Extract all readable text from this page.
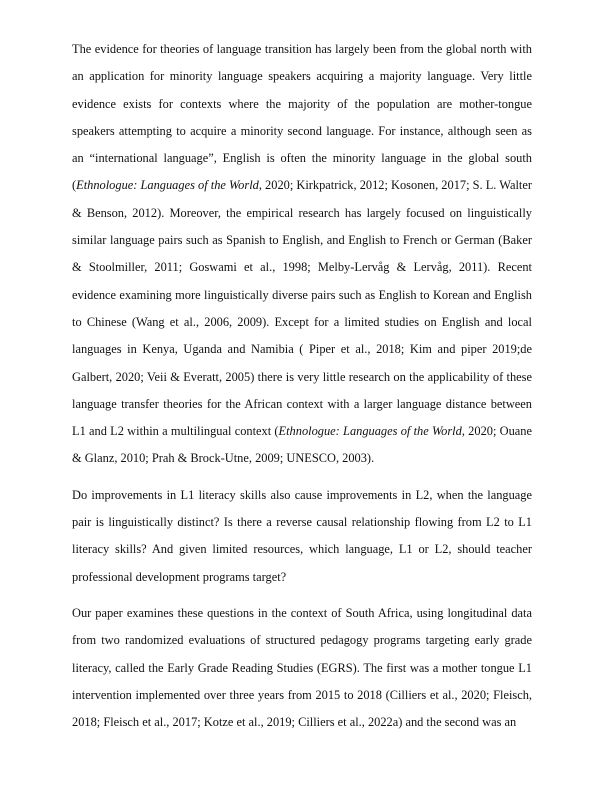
The evidence for theories of language transition has largely been from the global north with an application for minority language speakers acquiring a majority language. Very little evidence exists for contexts where the majority of the population are mother-tongue speakers attempting to acquire a minority second language. For instance, although seen as an “international language”, English is often the minority language in the global south (Ethnologue: Languages of the World, 2020; Kirkpatrick, 2012; Kosonen, 2017; S. L. Walter & Benson, 2012). Moreover, the empirical research has largely focused on linguistically similar language pairs such as Spanish to English, and English to French or German (Baker & Stoolmiller, 2011; Goswami et al., 1998; Melby-Lervåg & Lervåg, 2011). Recent evidence examining more linguistically diverse pairs such as English to Korean and English to Chinese (Wang et al., 2006, 2009). Except for a limited studies on English and local languages in Kenya, Uganda and Namibia ( Piper et al., 2018; Kim and piper 2019;de Galbert, 2020; Veii & Everatt, 2005) there is very little research on the applicability of these language transfer theories for the African context with a larger language distance between L1 and L2 within a multilingual context (Ethnologue: Languages of the World, 2020; Ouane & Glanz, 2010; Prah & Brock-Utne, 2009; UNESCO, 2003).

Do improvements in L1 literacy skills also cause improvements in L2, when the language pair is linguistically distinct? Is there a reverse causal relationship flowing from L2 to L1 literacy skills? And given limited resources, which language, L1 or L2, should teacher professional development programs target?

Our paper examines these questions in the context of South Africa, using longitudinal data from two randomized evaluations of structured pedagogy programs targeting early grade literacy, called the Early Grade Reading Studies (EGRS). The first was a mother tongue L1 intervention implemented over three years from 2015 to 2018 (Cilliers et al., 2020; Fleisch, 2018; Fleisch et al., 2017; Kotze et al., 2019; Cilliers et al., 2022a) and the second was an
